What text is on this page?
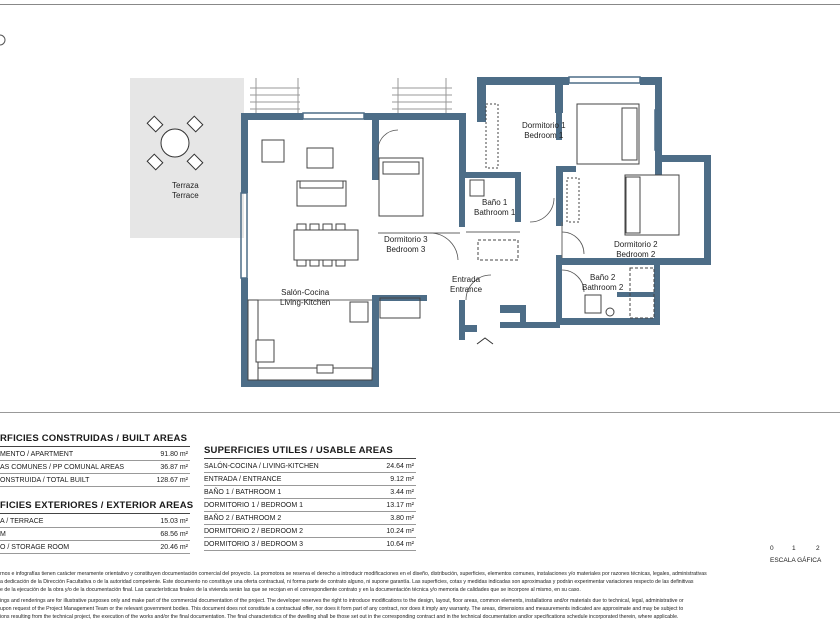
Terraza
Terrace
Dormitorio 3
Bedroom 3
Dormitorio 1
Bedroom 1
Baño 1
Bathroom 1
Dormitorio 2
Bedroom 2
Baño 2
Bathroom 2
Entrada
Entrance
Salón-Cocina
Living-Kitchen
RFICIES CONSTRUIDAS / BUILT AREAS
MENTO / APARTMENT	91.80 m²
AS COMUNES / PP COMUNAL AREAS	36.87 m²
ONSTRUIDA / TOTAL BUILT	128.67 m²
FICIES EXTERIORES / EXTERIOR AREAS
A / TERRACE	15.03 m²
M	68.56 m²
O / STORAGE ROOM	20.46 m²
SUPERFICIES UTILES / USABLE AREAS
SALÓN-COCINA / LIVING-KITCHEN	24.64 m²
ENTRADA / ENTRANCE	9.12 m²
BAÑO 1 / BATHROOM 1	3.44 m²
DORMITORIO 1 / BEDROOM 1	13.17 m²
BAÑO 2 / BATHROOM 2	3.80 m²
DORMITORIO 2 / BEDROOM 2	10.24 m²
DORMITORIO 3 / BEDROOM 3	10.64 m²
0	1	2
ESCALA GÁFICA
rnos e infografías tienen carácter meramente orientativo y constituyen documentación comercial del proyecto. La promotora se reserva el derecho a introducir modificaciones en el diseño, distribución, superficies, elementos comunes, instalaciones y/o materiales por razones técnicas, legales, administrativas
a dedicación de la Dirección Facultativa o de la autoridad competente. Este documento no constituye una oferta contractual, ni forma parte de contrato alguno, ni supone garantía. Las superficies, cotas y medidas indicadas son aproximadas y podrán experimentar variaciones respecto de las definitivas
e de la ejecución de la obra y/o de la documentación final. Las características finales de la vivienda serán las que se recojan en el correspondiente contrato y en la documentación técnica y/o memoria de calidades que se incorpore al mismo, en su caso.
ings and renderings are for illustrative purposes only and make part of the commercial documentation of the project. The developer reserves the right to introduce modifications to the design, layout, floor areas, common elements, installations and/or materials due to technical, legal, administrative or
upon request of the Project Management Team or the relevant government bodies. This document does not constitute a contractual offer, nor does it form part of any contract, nor does it imply any warranty. The areas, dimensions and measurements indicated are approximate and may be subject to
ions resulting from the technical project, the execution of the works and/or the final documentation. The final characteristics of the dwelling shall be those set out in the corresponding contract and in the technical documentation and/or specifications schedule incorporated therein, where applicable.
